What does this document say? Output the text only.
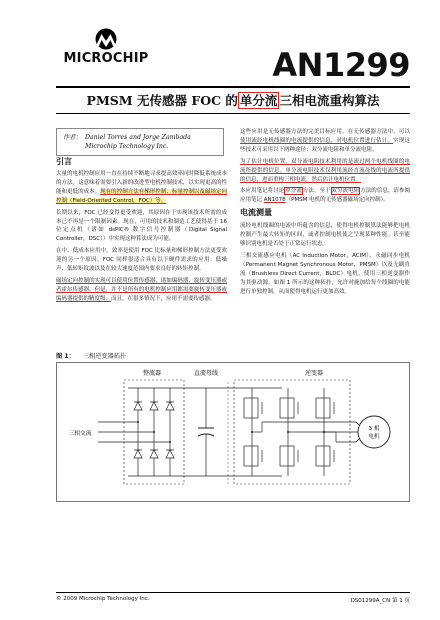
MICROCHIP	AN1299
PMSM 无传感器 FOC 的 单分流 三相电流重构算法
作者： Daniel Torres and Jorge Zambada
Microchip Technology Inc.
引言

大量的电机控制应用一直在持续不断地寻求提高效率同时降低系统成本的方法。这意味着需要引入新的改进型电机控制技术，以实现更高的性能和更低的成本。现有的控制方法有梯形控制、标量控制以及磁场定向控制（Field-Oriented Control，FOC）等。

长期以来，FOC 已经变得更受欢迎，其原因在于实现该技术所需的成本已不再是一个限制因素。现在，可用的技术和制造工艺使得基于 16 位定点机（诸如 dsPIC® 数字信号控制器（Digital Signal Controller，DSC））中实现这种算法成为可能。

在中、低成本应用中，效率是使用 FOC 比标量和梯形控制方法更受欢迎的另一个原因。FOC 同样很适合具有以下硬件需求的应用：低噪声、低转矩纹波以及在较大速度范围内要求良好的转矩控制。

磁场定向控制的实现可以使用位置传感器，诸如编码器、旋转变压器或者霍尔传感器。但是，并不是所有的电机控制应用都需要旋转变压器或编码器提供的精度级；而且，在很多情况下，应用不需要传感器。

这些应用是无传感器方法的完美目标应用。在无传感器方法中，可以使用流经电机线圈的电流提供的信息，对电机位置进行估计。实现这些技术可采用以下两种途径：双分流电阻和单分流电阻。

为了估计电机位置，双分流电阻技术利用的是流过两个电机线圈的电流所提供的信息。单分流电阻技术仅利用流经直流母线的电流所提供的信息，进而重构三相电流，然后估计电机位置。

本应用笔记将讨论单分流方法。至于双分流电阻方法的信息，请参阅应用笔记 AN1078（PMSM 电机的无传感器磁场定向控制）。

电流测量

流经电机线圈的电流中所蕴含的信息，使得电机控制算法能够把电机控制产生最大转矩的区间，或者控制电机使之呈现某种性能。甚至能够识别电机是否处于正常运行状态。

三相交流感应电机（AC Induction Motor，ACIM）、永磁同步电机（Permanent Magnet Synchronous Motor，PMSM）以及无刷直流（Brushless Direct Current，BLDC）电机，使用三相逆变器作为其驱动源。如图 1 所示的这种拓扑，允许对施加给每个线圈的电能进行单独控制，从而使得电机运行更加高效。

图 1： 三相逆变器拓扑
整流器
三相交流
直流母线	逆变器
3 相
电机
© 2009 Microchip Technology Inc.	DS01299A_CN 第 1 页
